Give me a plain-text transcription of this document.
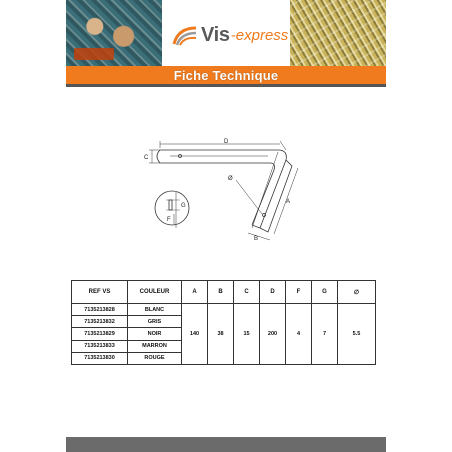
Vis -express
Fiche Technique
D
C
A
B
Ø
G
F
REF VS	COULEUR	A	B	C	D	F	G	∅
7135213828	BLANC	140	38	15	200	4	7	5.5
7135213832	GRIS							
7135213829	NOIR							
7135213833	MARRON							
7135213830	ROUGE							
